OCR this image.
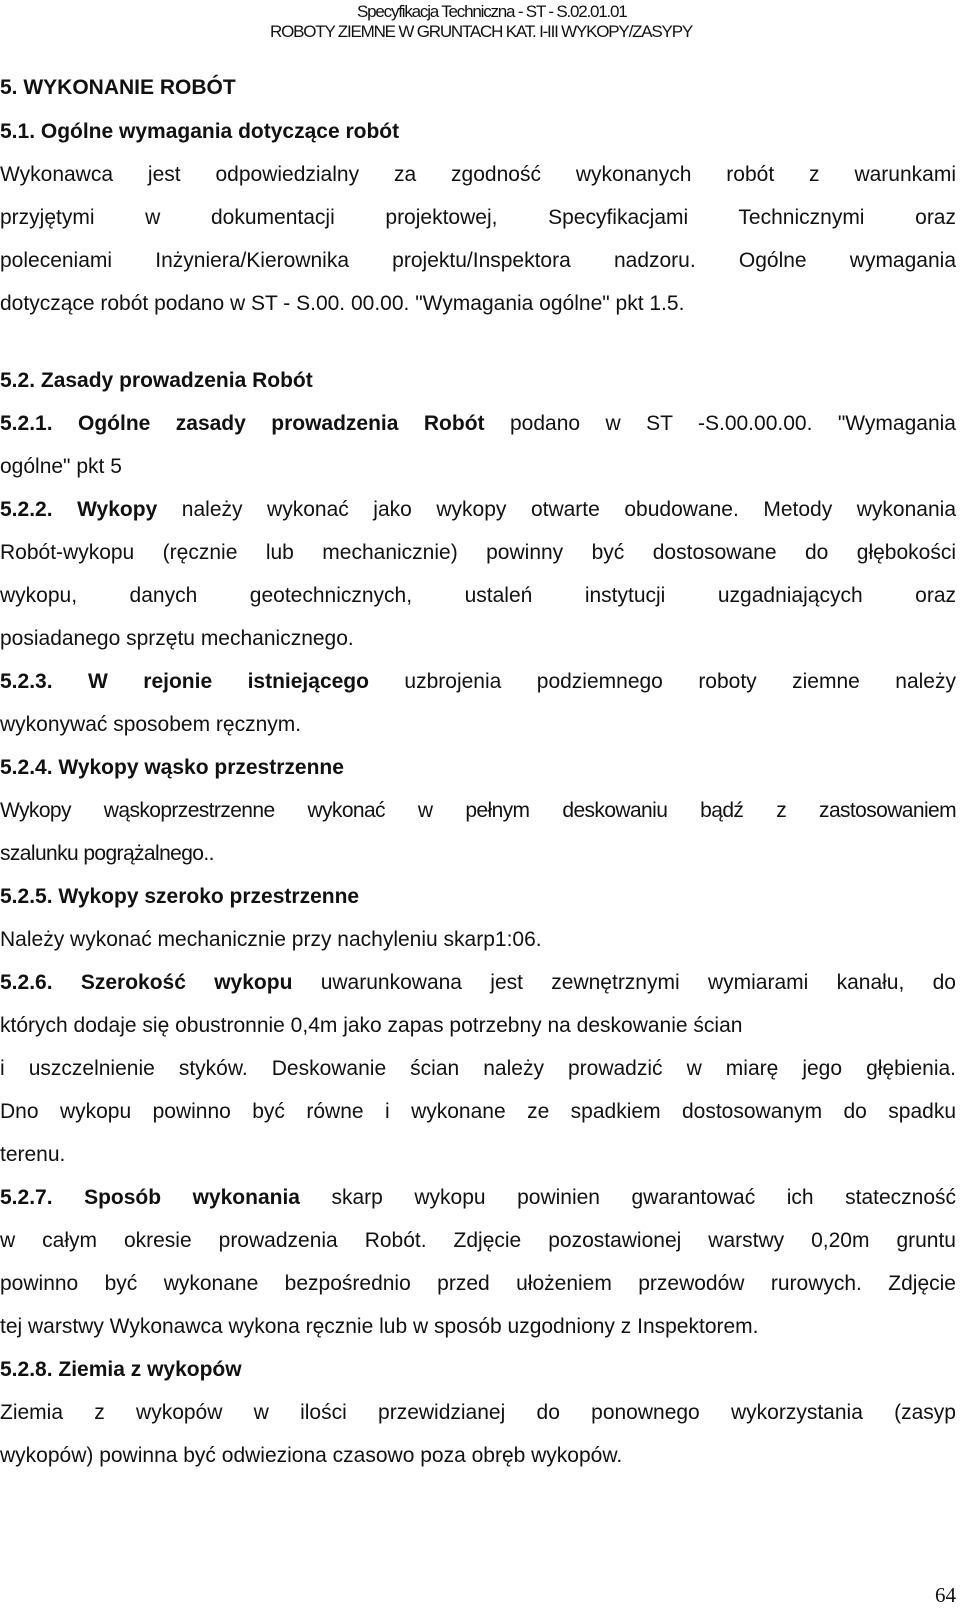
Specyfikacja Techniczna - ST - S.02.01.01
ROBOTY ZIEMNE W GRUNTACH KAT. I-III WYKOPY/ZASYPY
5. WYKONANIE ROBÓT
5.1. Ogólne wymagania dotyczące robót
Wykonawca jest odpowiedzialny za zgodność wykonanych robót z warunkami
przyjętymi w dokumentacji projektowej, Specyfikacjami Technicznymi oraz
poleceniami Inżyniera/Kierownika projektu/Inspektora nadzoru. Ogólne wymagania
dotyczące robót podano w ST - S.00. 00.00. "Wymagania ogólne" pkt 1.5.
5.2. Zasady prowadzenia Robót
5.2.1. Ogólne zasady prowadzenia Robót podano w ST -S.00.00.00. "Wymagania
ogólne" pkt 5
5.2.2. Wykopy należy wykonać jako wykopy otwarte obudowane. Metody wykonania
Robót-wykopu (ręcznie lub mechanicznie) powinny być dostosowane do głębokości
wykopu, danych geotechnicznych, ustaleń instytucji uzgadniających oraz
posiadanego sprzętu mechanicznego.
5.2.3. W rejonie istniejącego uzbrojenia podziemnego roboty ziemne należy
wykonywać sposobem ręcznym.
5.2.4. Wykopy wąsko przestrzenne
Wykopy wąskoprzestrzenne wykonać w pełnym deskowaniu bądź z zastosowaniem
szalunku pogrążalnego..
5.2.5. Wykopy szeroko przestrzenne
Należy wykonać mechanicznie przy nachyleniu skarp1:06.
5.2.6. Szerokość wykopu uwarunkowana jest zewnętrznymi wymiarami kanału, do
których dodaje się obustronnie 0,4m jako zapas potrzebny na deskowanie ścian
i uszczelnienie styków. Deskowanie ścian należy prowadzić w miarę jego głębienia.
Dno wykopu powinno być równe i wykonane ze spadkiem dostosowanym do spadku
terenu.
5.2.7. Sposób wykonania skarp wykopu powinien gwarantować ich stateczność
w całym okresie prowadzenia Robót. Zdjęcie pozostawionej warstwy 0,20m gruntu
powinno być wykonane bezpośrednio przed ułożeniem przewodów rurowych. Zdjęcie
tej warstwy Wykonawca wykona ręcznie lub w sposób uzgodniony z Inspektorem.
5.2.8. Ziemia z wykopów
Ziemia z wykopów w ilości przewidzianej do ponownego wykorzystania (zasyp
wykopów) powinna być odwieziona czasowo poza obręb wykopów.
64
